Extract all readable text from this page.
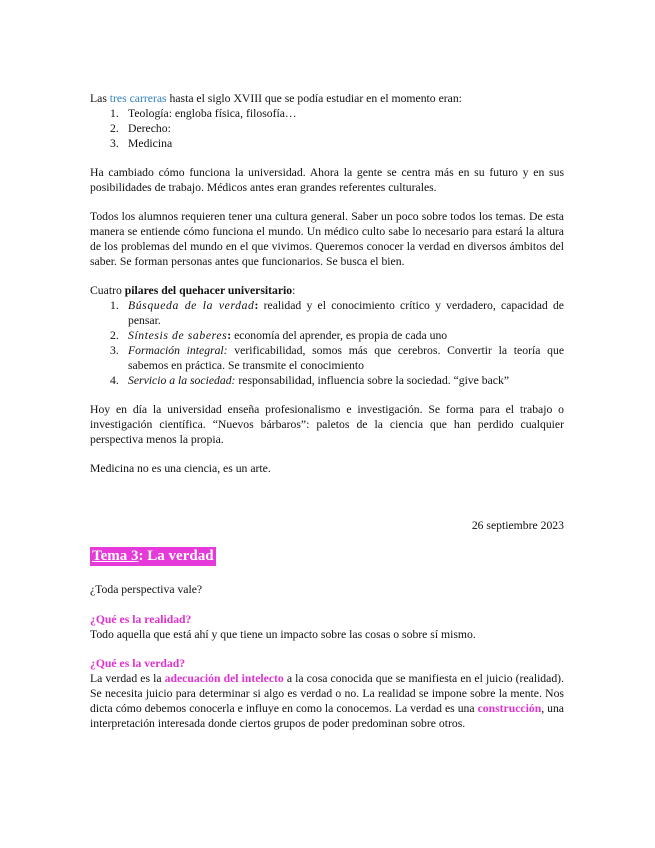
Las tres carreras hasta el siglo XVIII que se podía estudiar en el momento eran:
1. Teología: engloba física, filosofía…
2. Derecho:
3. Medicina
Ha cambiado cómo funciona la universidad. Ahora la gente se centra más en su futuro y en sus posibilidades de trabajo. Médicos antes eran grandes referentes culturales.
Todos los alumnos requieren tener una cultura general. Saber un poco sobre todos los temas. De esta manera se entiende cómo funciona el mundo. Un médico culto sabe lo necesario para estará la altura de los problemas del mundo en el que vivimos. Queremos conocer la verdad en diversos ámbitos del saber. Se forman personas antes que funcionarios. Se busca el bien.
Cuatro pilares del quehacer universitario:
1. Búsqueda de la verdad: realidad y el conocimiento crítico y verdadero, capacidad de pensar.
2. Síntesis de saberes: economía del aprender, es propia de cada uno
3. Formación integral: verificabilidad, somos más que cerebros. Convertir la teoría que sabemos en práctica. Se transmite el conocimiento
4. Servicio a la sociedad: responsabilidad, influencia sobre la sociedad. “give back”
Hoy en día la universidad enseña profesionalismo e investigación. Se forma para el trabajo o investigación científica. “Nuevos bárbaros”: paletos de la ciencia que han perdido cualquier perspectiva menos la propia.
Medicina no es una ciencia, es un arte.
26 septiembre 2023
Tema 3: La verdad
¿Toda perspectiva vale?
¿Qué es la realidad?
Todo aquella que está ahí y que tiene un impacto sobre las cosas o sobre sí mismo.
¿Qué es la verdad?
La verdad es la adecuación del intelecto a la cosa conocida que se manifiesta en el juicio (realidad). Se necesita juicio para determinar si algo es verdad o no. La realidad se impone sobre la mente. Nos dicta cómo debemos conocerla e influye en como la conocemos. La verdad es una construcción, una interpretación interesada donde ciertos grupos de poder predominan sobre otros.
